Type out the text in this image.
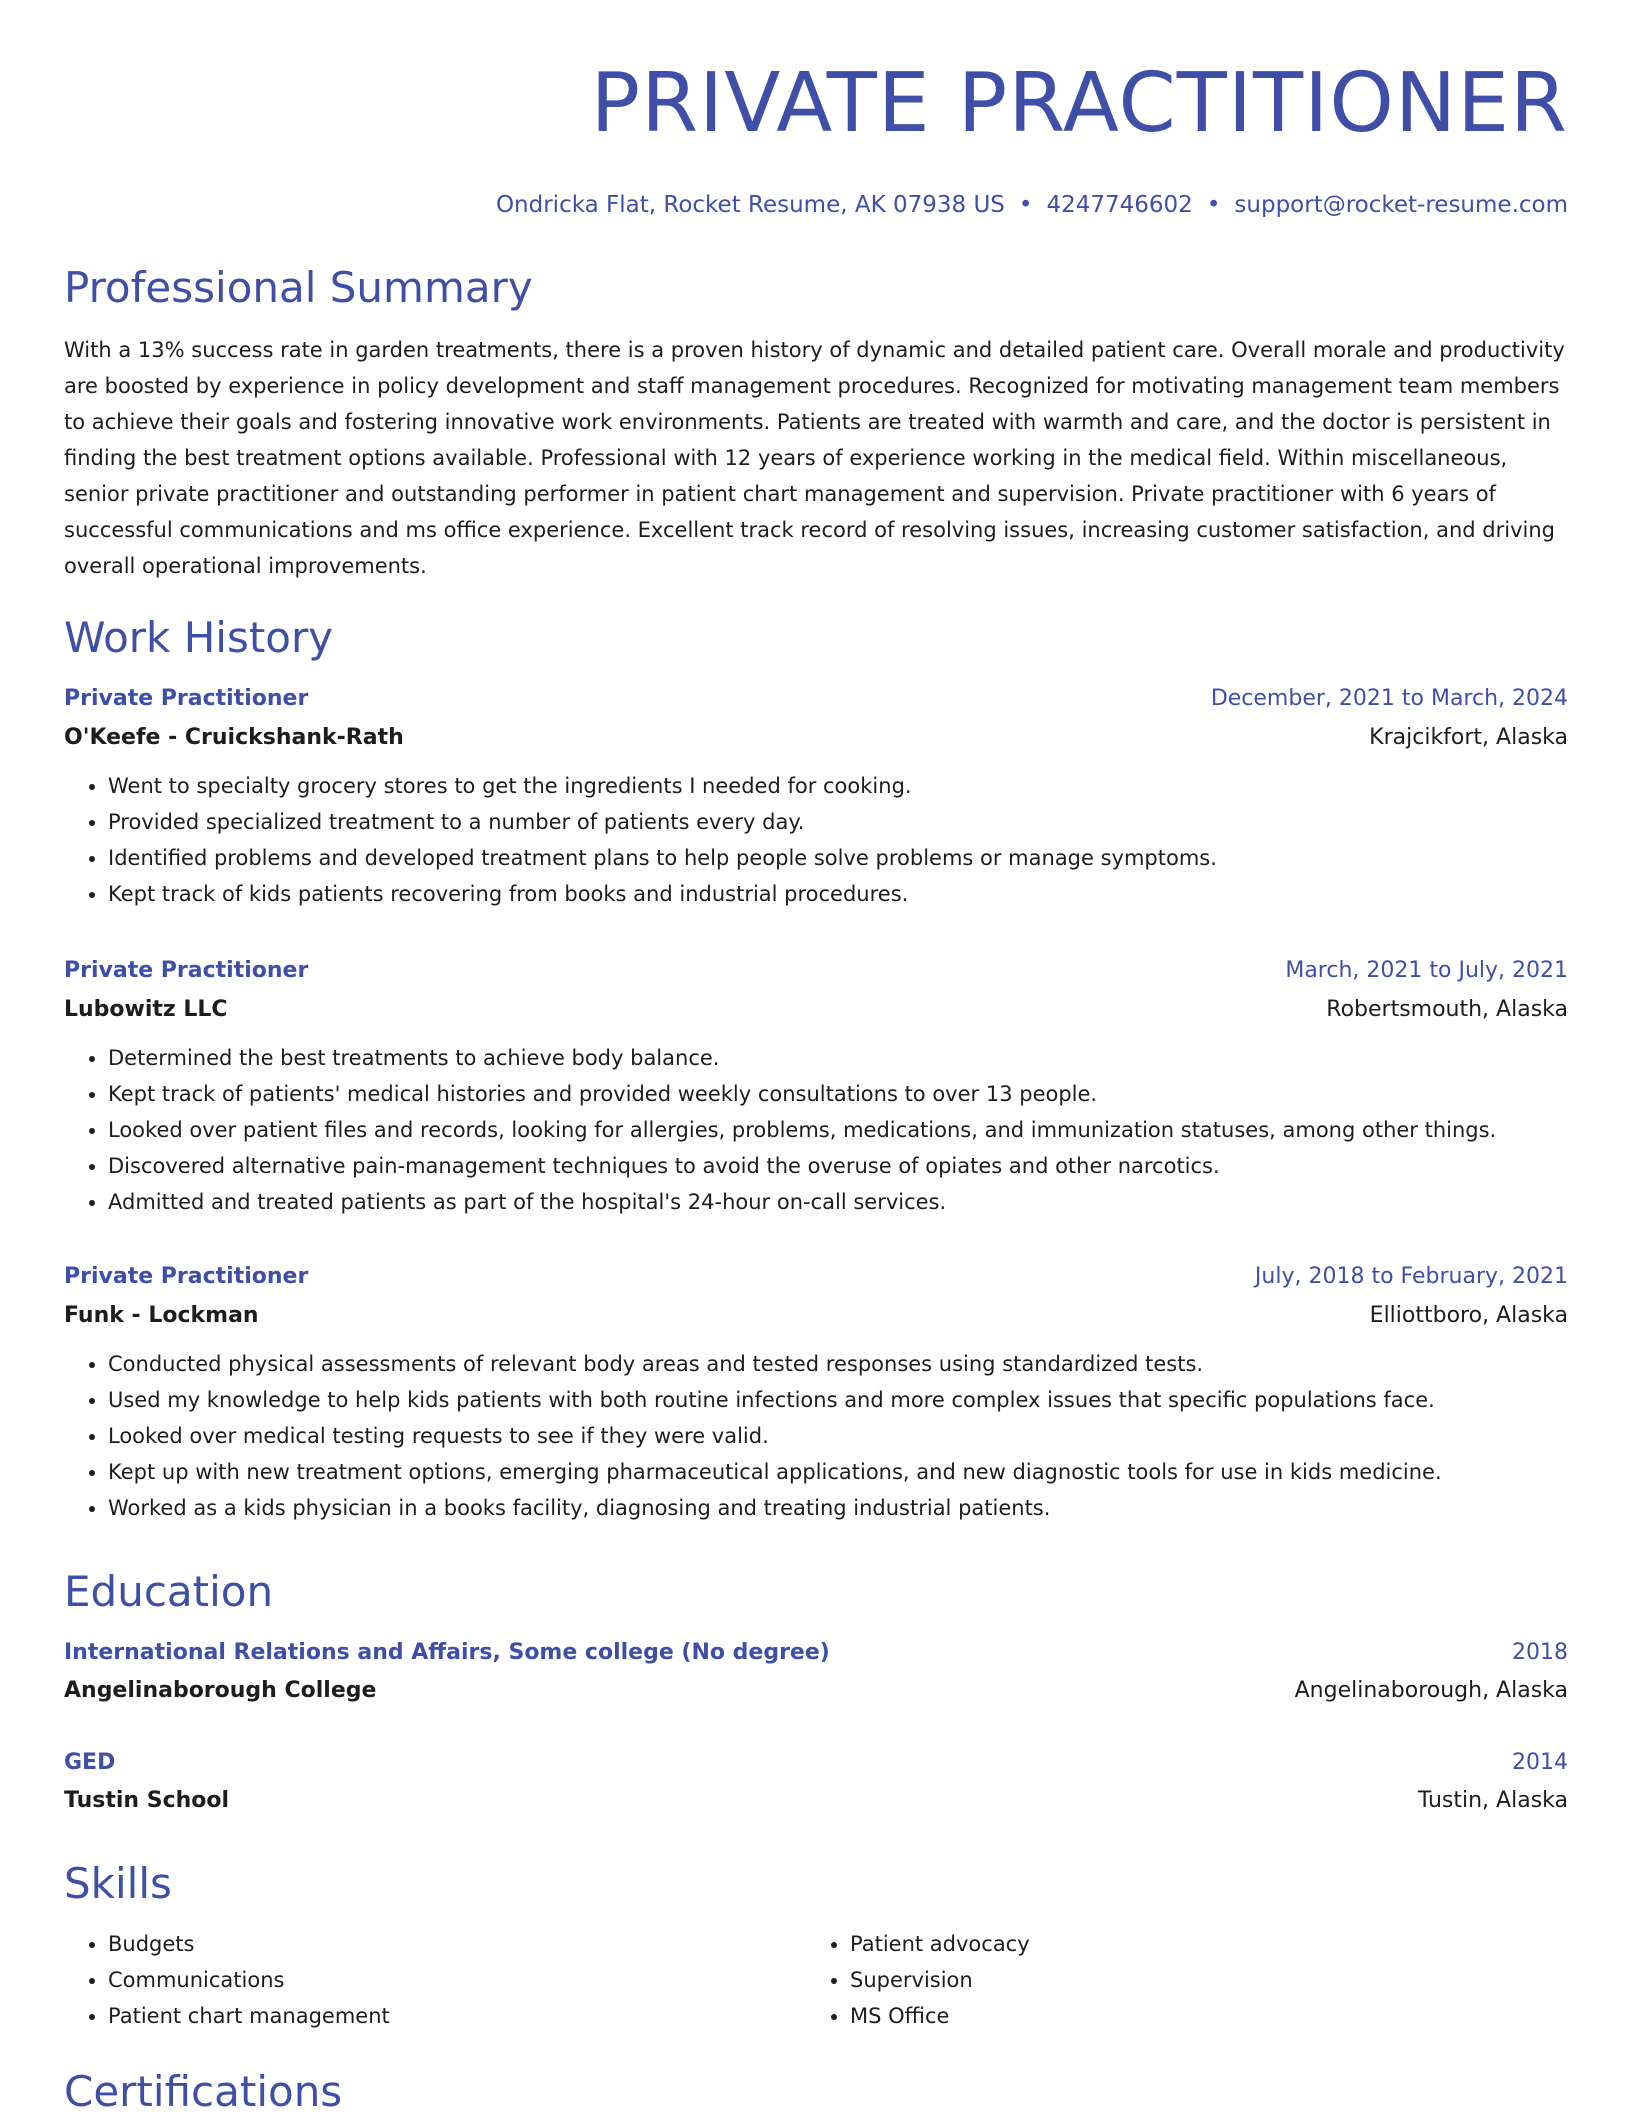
PRIVATE PRACTITIONER
Ondricka Flat, Rocket Resume, AK 07938 US • 4247746602 • support@rocket-resume.com
Professional Summary

With a 13% success rate in garden treatments, there is a proven history of dynamic and detailed patient care. Overall morale and productivity are boosted by experience in policy development and staff management procedures. Recognized for motivating management team members to achieve their goals and fostering innovative work environments. Patients are treated with warmth and care, and the doctor is persistent in finding the best treatment options available. Professional with 12 years of experience working in the medical field. Within miscellaneous, senior private practitioner and outstanding performer in patient chart management and supervision. Private practitioner with 6 years of successful communications and ms office experience. Excellent track record of resolving issues, increasing customer satisfaction, and driving overall operational improvements.

Work History
Private Practitioner	December, 2021 to March, 2024
O'Keefe - Cruickshank-Rath	Krajcikfort, Alaska
• Went to specialty grocery stores to get the ingredients I needed for cooking.
• Provided specialized treatment to a number of patients every day.
• Identified problems and developed treatment plans to help people solve problems or manage symptoms.
• Kept track of kids patients recovering from books and industrial procedures.
Private Practitioner	March, 2021 to July, 2021
Lubowitz LLC	Robertsmouth, Alaska
• Determined the best treatments to achieve body balance.
• Kept track of patients' medical histories and provided weekly consultations to over 13 people.
• Looked over patient files and records, looking for allergies, problems, medications, and immunization statuses, among other things.
• Discovered alternative pain-management techniques to avoid the overuse of opiates and other narcotics.
• Admitted and treated patients as part of the hospital's 24-hour on-call services.
Private Practitioner	July, 2018 to February, 2021
Funk - Lockman	Elliottboro, Alaska
• Conducted physical assessments of relevant body areas and tested responses using standardized tests.
• Used my knowledge to help kids patients with both routine infections and more complex issues that specific populations face.
• Looked over medical testing requests to see if they were valid.
• Kept up with new treatment options, emerging pharmaceutical applications, and new diagnostic tools for use in kids medicine.
• Worked as a kids physician in a books facility, diagnosing and treating industrial patients.
Education
International Relations and Affairs, Some college (No degree)	2018
Angelinaborough College	Angelinaborough, Alaska
GED	2014
Tustin School	Tustin, Alaska
Skills
• Budgets
• Communications
• Patient chart management
• Patient advocacy
• Supervision
• MS Office
Certifications
